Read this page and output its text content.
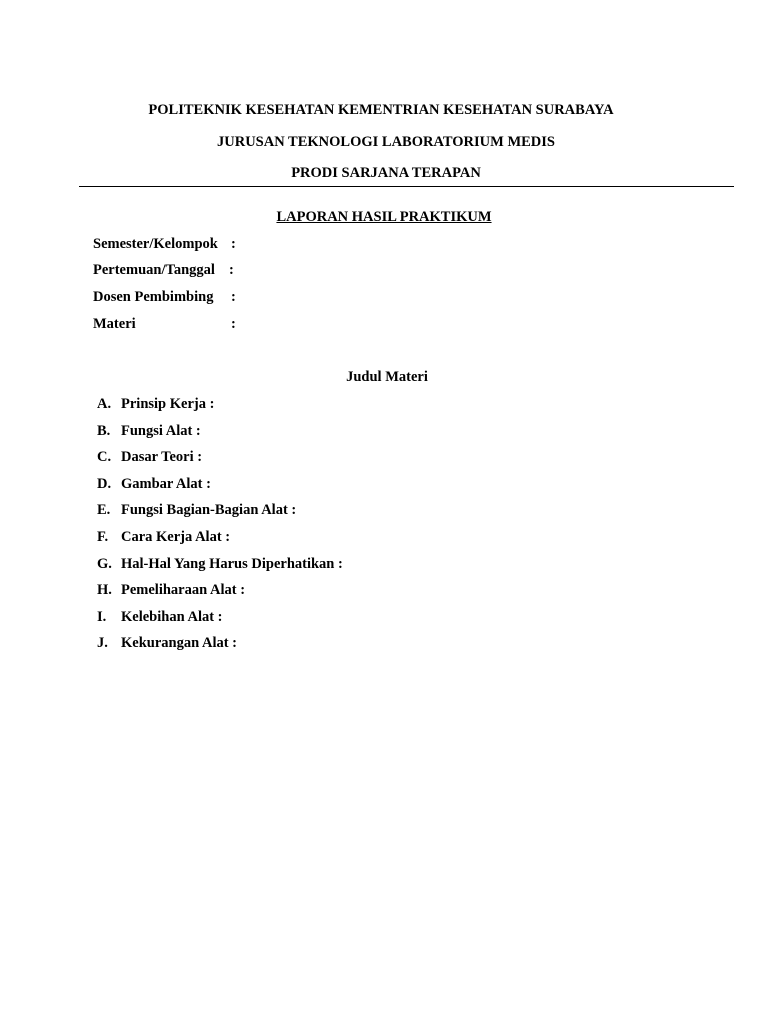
POLITEKNIK KESEHATAN KEMENTRIAN KESEHATAN SURABAYA
JURUSAN TEKNOLOGI LABORATORIUM MEDIS
PRODI SARJANA TERAPAN
LAPORAN HASIL PRAKTIKUM
Semester/Kelompok :
Pertemuan/Tanggal :
Dosen Pembimbing :
Materi	:
Judul Materi
A. Prinsip Kerja :
B. Fungsi Alat :
C. Dasar Teori :
D. Gambar Alat :
E. Fungsi Bagian-Bagian Alat :
F. Cara Kerja Alat :
G. Hal-Hal Yang Harus Diperhatikan :
H. Pemeliharaan Alat :
I. Kelebihan Alat :
J. Kekurangan Alat :
